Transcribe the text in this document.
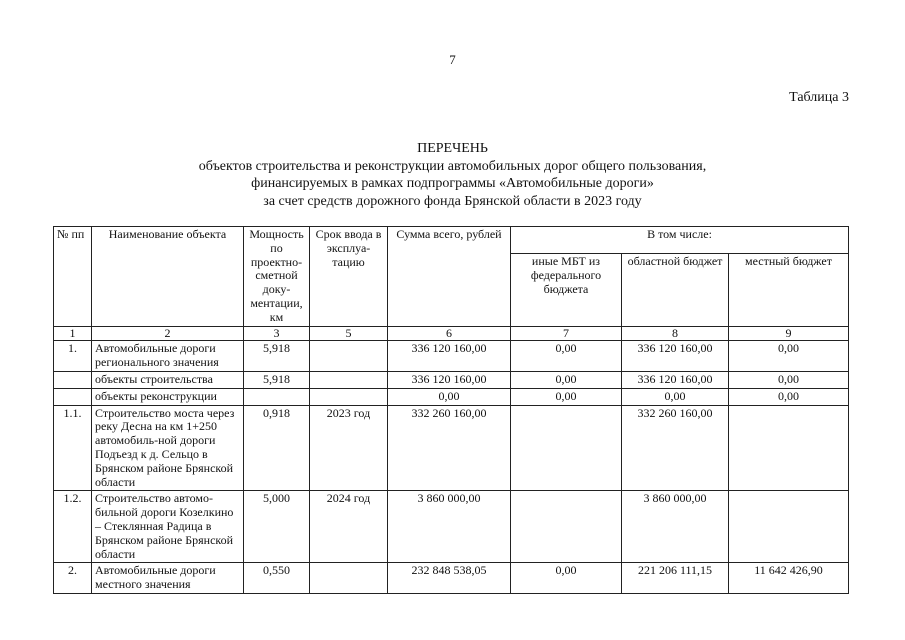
7
Таблица 3
ПЕРЕЧЕНЬ
объектов строительства и реконструкции автомобильных дорог общего пользования,
финансируемых в рамках подпрограммы «Автомобильные дороги»
за счет средств дорожного фонда Брянской области в 2023 году
№ пп	Наименование объекта	Мощность по проектно-сметной доку-ментации, км	Срок ввода в эксплуа-тацию	Сумма всего, рублей	В том числе:		
					иные МБТ из федерального бюджета	областной бюджет	местный бюджет
1	2	3	5	6	7	8	9
1.	Автомобильные дороги регионального значения	5,918		336 120 160,00	0,00	336 120 160,00	0,00
	объекты строительства	5,918		336 120 160,00	0,00	336 120 160,00	0,00
	объекты реконструкции			0,00	0,00	0,00	0,00
1.1.	Строительство моста через реку Десна на км 1+250 автомобиль-ной дороги Подъезд к д. Сельцо в Брянском районе Брянской области	0,918	2023 год	332 260 160,00		332 260 160,00	
1.2.	Строительство автомо-бильной дороги Козелкино – Стеклянная Радица в Брянском районе Брянской области	5,000	2024 год	3 860 000,00		3 860 000,00	
2.	Автомобильные дороги местного значения	0,550		232 848 538,05	0,00	221 206 111,15	11 642 426,90
